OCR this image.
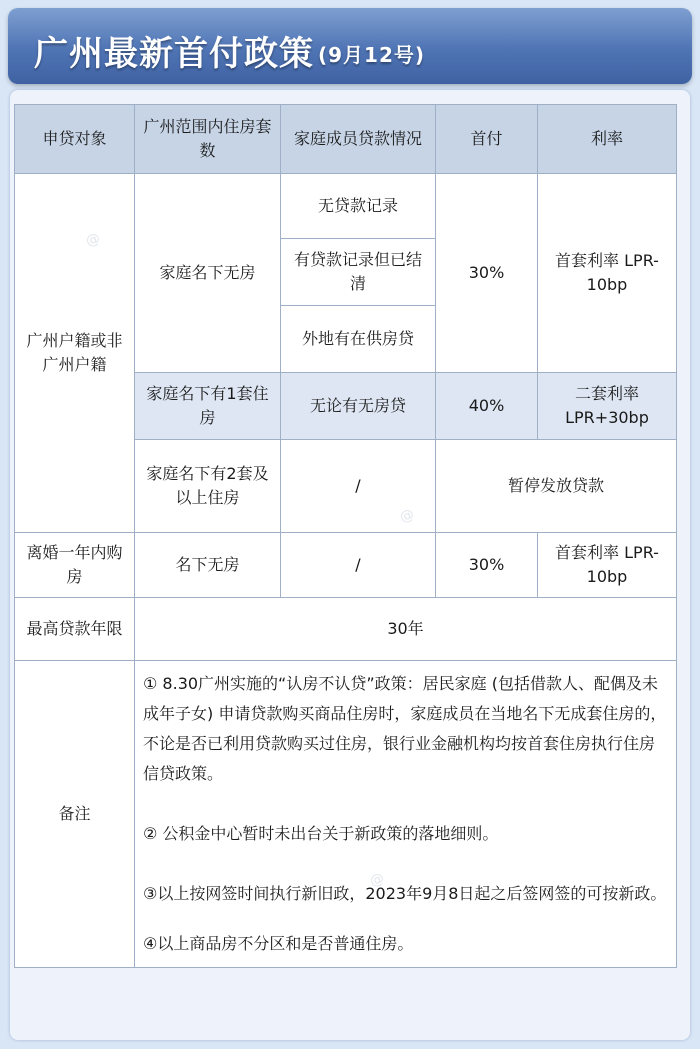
广州最新首付政策 (9月12号)
申贷对象	广州范围内住房套数	家庭成员贷款情况	首付	利率
广州户籍或非广州户籍	家庭名下无房	无贷款记录	30%	首套利率 LPR-10bp
		有贷款记录但已结清		
		外地有在供房贷		
	家庭名下有1套住房	无论有无房贷	40%	二套利率 LPR+30bp
	家庭名下有2套及以上住房	/	暂停发放贷款	
离婚一年内购房	名下无房	/	30%	首套利率 LPR-10bp
最高贷款年限	30年			
备注	① 8.30广州实施的“认房不认贷”政策：居民家庭 (包括借款人、配偶及未成年子女) 申请贷款购买商品住房时，家庭成员在当地名下无成套住房的，不论是否已利用贷款购买过住房，银行业金融机构均按首套住房执行住房信贷政策。

② 公积金中心暂时未出台关于新政策的落地细则。

③以上按网签时间执行新旧政，2023年9月8日起之后签网签的可按新政。

④以上商品房不分区和是否普通住房。			

@
@
@
